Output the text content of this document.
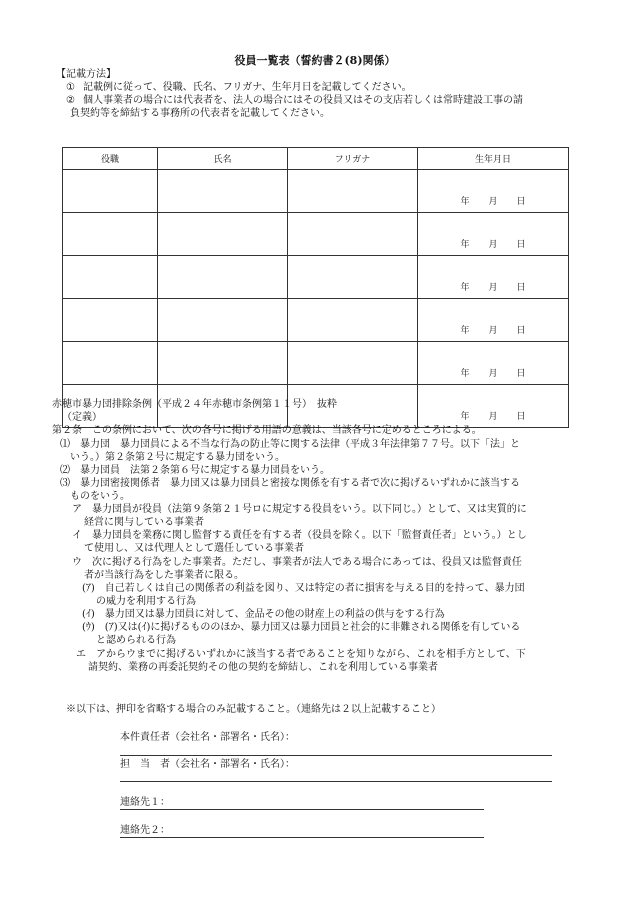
役員一覧表（誓約書２(8)関係）
【記載方法】
① 記載例に従って、役職、氏名、フリガナ、生年月日を記載してください。
② 個人事業者の場合には代表者を、法人の場合にはその役員又はその支店若しくは常時建設工事の請
負契約等を締結する事務所の代表者を記載してください。
役職	氏名	フリガナ	生年月日
			年 月 日
			年 月 日
			年 月 日
			年 月 日
			年 月 日
			年 月 日
赤穂市暴力団排除条例（平成２４年赤穂市条例第１１号）　抜粋
（定義）
第２条　この条例において、次の各号に掲げる用語の意義は、当該各号に定めるところによる。
⑴　暴力団　暴力団員による不当な行為の防止等に関する法律（平成３年法律第７７号。以下「法」と
いう。）第２条第２号に規定する暴力団をいう。
⑵　暴力団員　法第２条第６号に規定する暴力団員をいう。
⑶　暴力団密接関係者　暴力団又は暴力団員と密接な関係を有する者で次に掲げるいずれかに該当する
ものをいう。
ア　暴力団員が役員（法第９条第２１号ロに規定する役員をいう。以下同じ。）として、又は実質的に
経営に関与している事業者
イ　暴力団員を業務に関し監督する責任を有する者（役員を除く。以下「監督責任者」という。）とし
て使用し、又は代理人として選任している事業者
ウ　次に掲げる行為をした事業者。ただし、事業者が法人である場合にあっては、役員又は監督責任
者が当該行為をした事業者に限る。
(ｱ)　自己若しくは自己の関係者の利益を図り、又は特定の者に損害を与える目的を持って、暴力団
の威力を利用する行為
(ｲ)　暴力団又は暴力団員に対して、金品その他の財産上の利益の供与をする行為
(ｳ)　(ｱ)又は(ｲ)に掲げるもののほか、暴力団又は暴力団員と社会的に非難される関係を有している
と認められる行為
エ　アからウまでに掲げるいずれかに該当する者であることを知りながら、これを相手方として、下
請契約、業務の再委託契約その他の契約を締結し、これを利用している事業者
※以下は、押印を省略する場合のみ記載すること。（連絡先は２以上記載すること）
本件責任者（会社名・部署名・氏名）：
担　当　者（会社名・部署名・氏名）：
連絡先１：
連絡先２：
